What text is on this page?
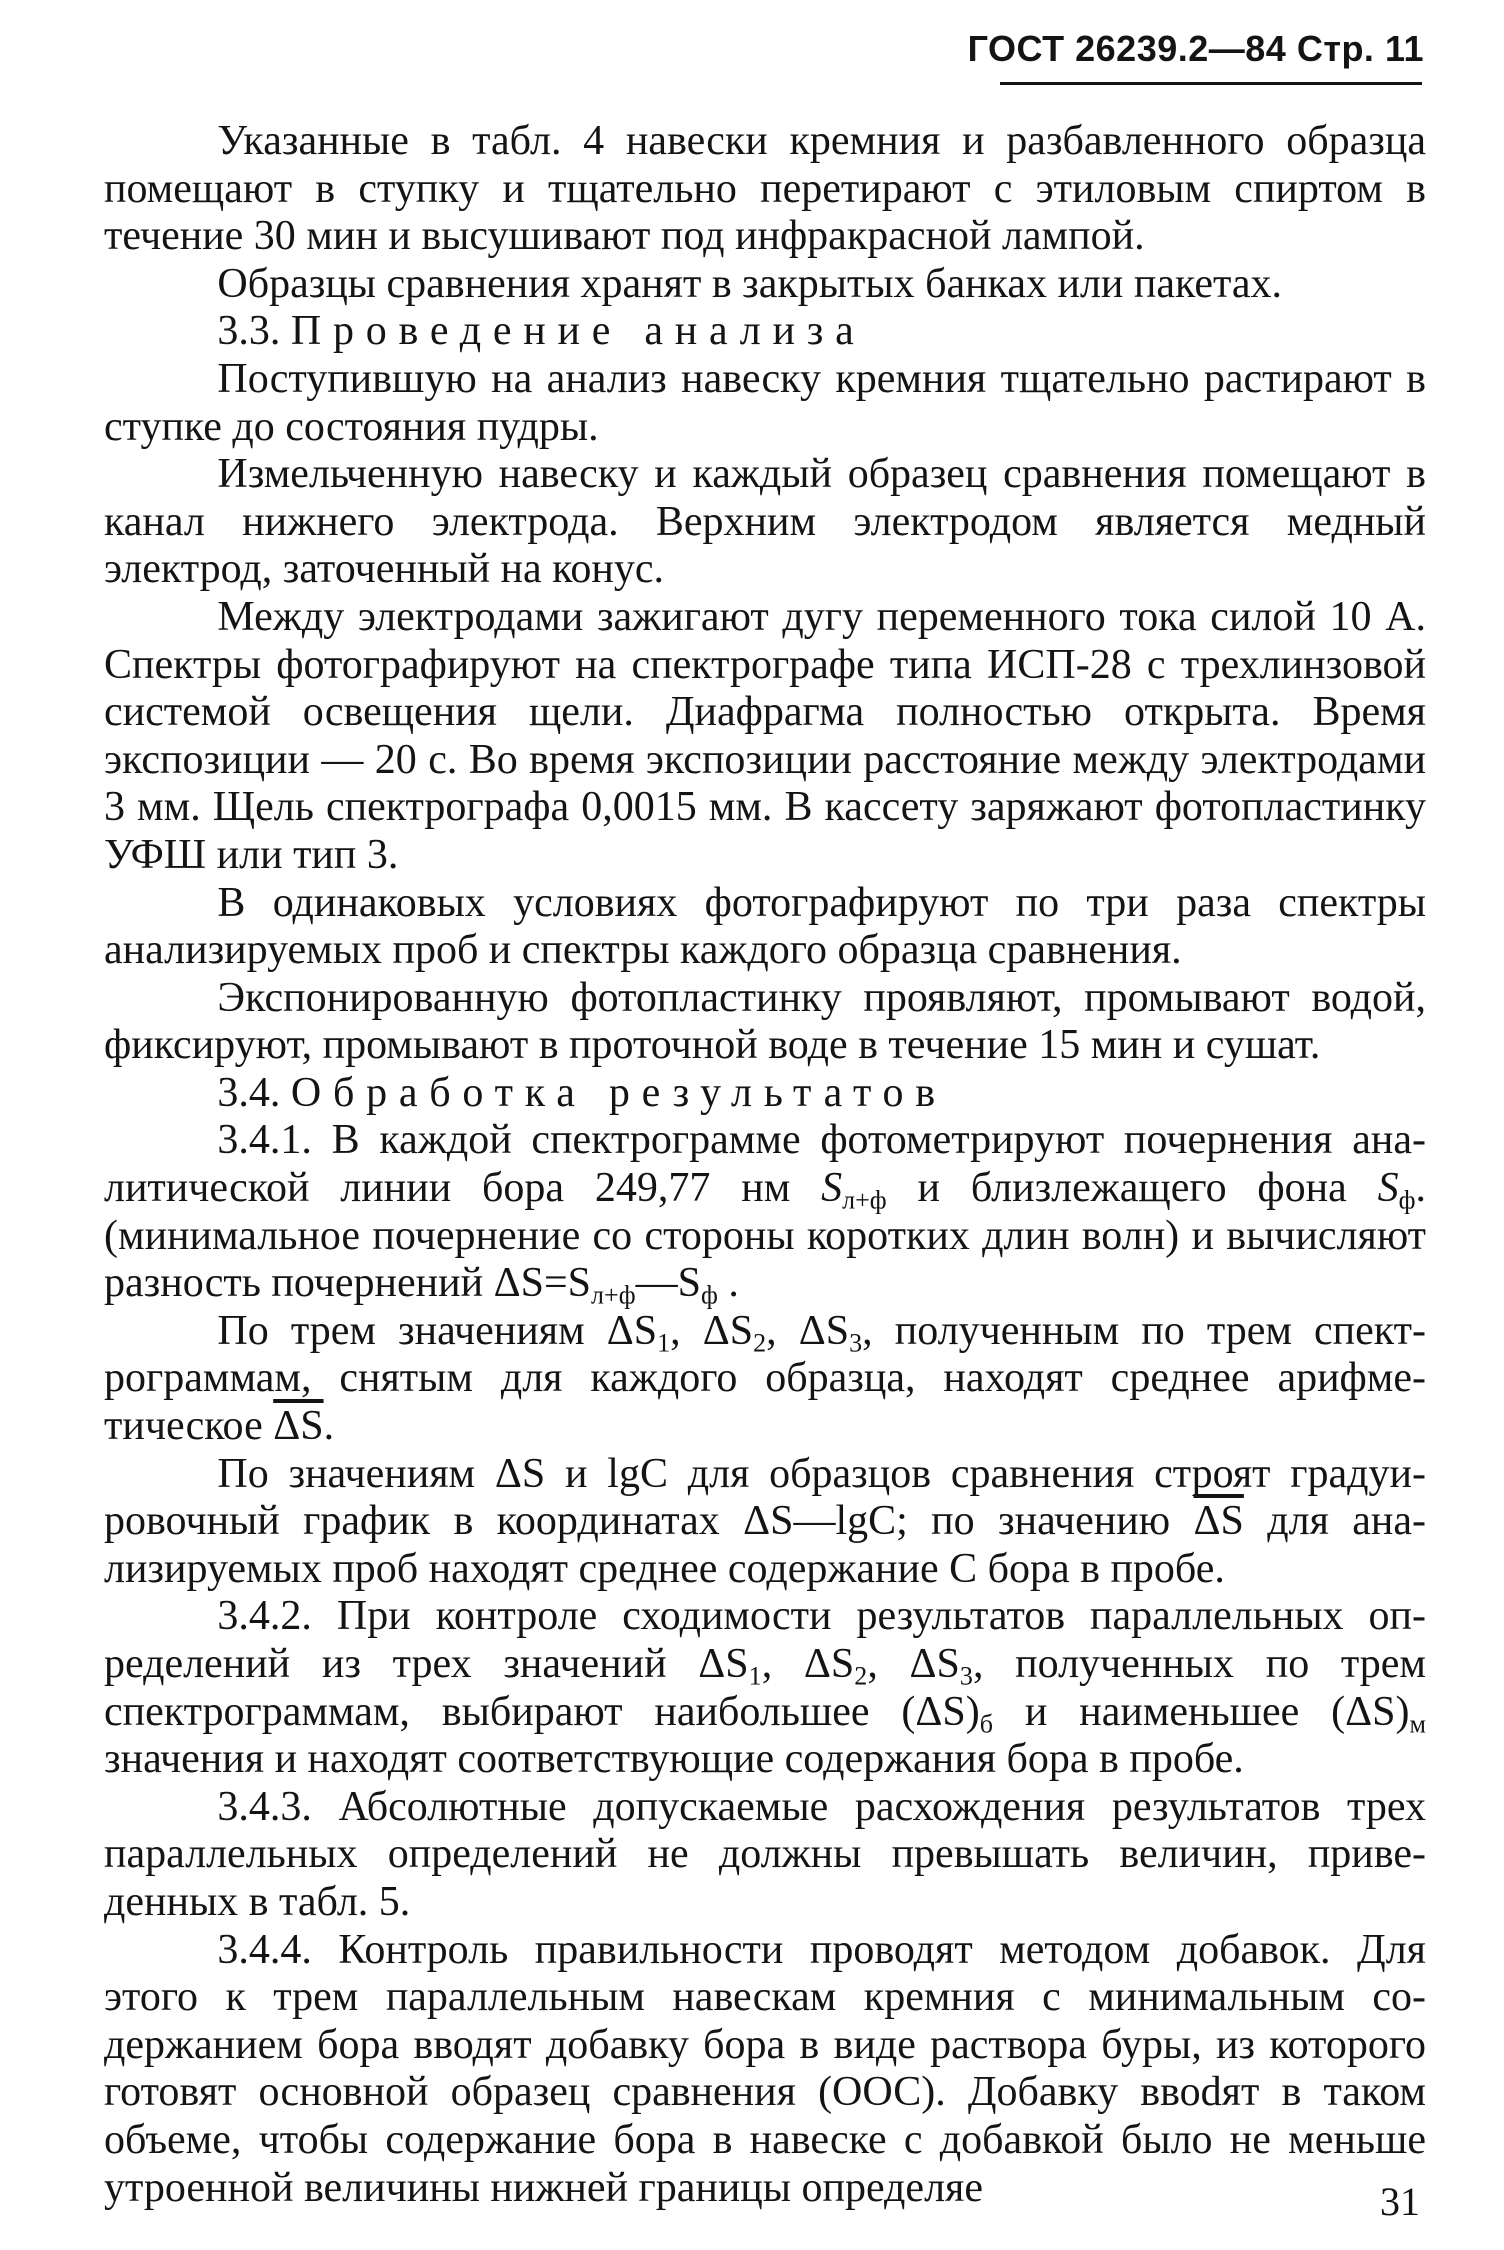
ГОСТ 26239.2—84 Стр. 11

Указанные в табл. 4 навески кремния и разбавленного образца помещают в ступку и тщательно перетирают с этиловым спиртом в течение 30 мин и высушивают под инфракрасной лампой.

Образцы сравнения хранят в закрытых банках или пакетах.

3.3. Проведение анализа

Поступившую на анализ навеску кремния тщательно растирают в ступке до состояния пудры.

Измельченную навеску и каждый образец сравнения помещают в канал нижнего электрода. Верхним электродом является медный электрод, заточенный на конус.

Между электродами зажигают дугу переменного тока силой 10 А. Спектры фотографируют на спектрографе типа ИСП-28 с трехлинзовой системой освещения щели. Диафрагма полностью открыта. Время экспозиции — 20 с. Во время экспозиции расстояние между электродами 3 мм. Щель спектрографа 0,0015 мм. В кассету заряжают фотопластинку УФШ или тип 3.

В одинаковых условиях фотографируют по три раза спектры анализируемых проб и спектры каждого образца сравнения.

Экспонированную фотопластинку проявляют, промывают водой, фиксируют, промывают в проточной воде в течение 15 мин и сушат.

3.4. Обработка результатов

3.4.1. В каждой спектрограмме фотометрируют почернения аналитической линии бора 249,77 нм $S_{л+ф}$ и близлежащего фона $S_ф$. (минимальное почернение со стороны коротких длин волн) и вычисляют разность почернений $\Delta S=S_{л+ф}—S_ф$ .

По трем значениям $\Delta S_1$, $\Delta S_2$, $\Delta S_3$, полученным по трем спектрограммам, снятым для каждого образца, находят среднее арифметическое $\overline{\Delta S}$.

По значениям ΔS и lgC для образцов сравнения строят градуировочный график в координатах ΔS—lgC; по значению $\overline{\Delta S}$ для анализируемых проб находят среднее содержание C бора в пробе.

3.4.2. При контроле сходимости результатов параллельных определений из трех значений $\Delta S_1$, $\Delta S_2$, $\Delta S_3$, полученных по трем спектрограммам, выбирают наибольшее $(\Delta S)_б$ и наименьшее $(\Delta S)_м$ значения и находят соответствующие содержания бора в пробе.

3.4.3. Абсолютные допускаемые расхождения результатов трех параллельных определений не должны превышать величин, приведенных в табл. 5.

3.4.4. Контроль правильности проводят методом добавок. Для этого к трем параллельным навескам кремния с минимальным содержанием бора вводят добавку бора в виде раствора буры, из которого готовят основной образец сравнения (ООС). Добавку ввоdят в таком объеме, чтобы содержание бора в навеске с добавкой было не меньше утроенной величины нижней границы определяе	31
